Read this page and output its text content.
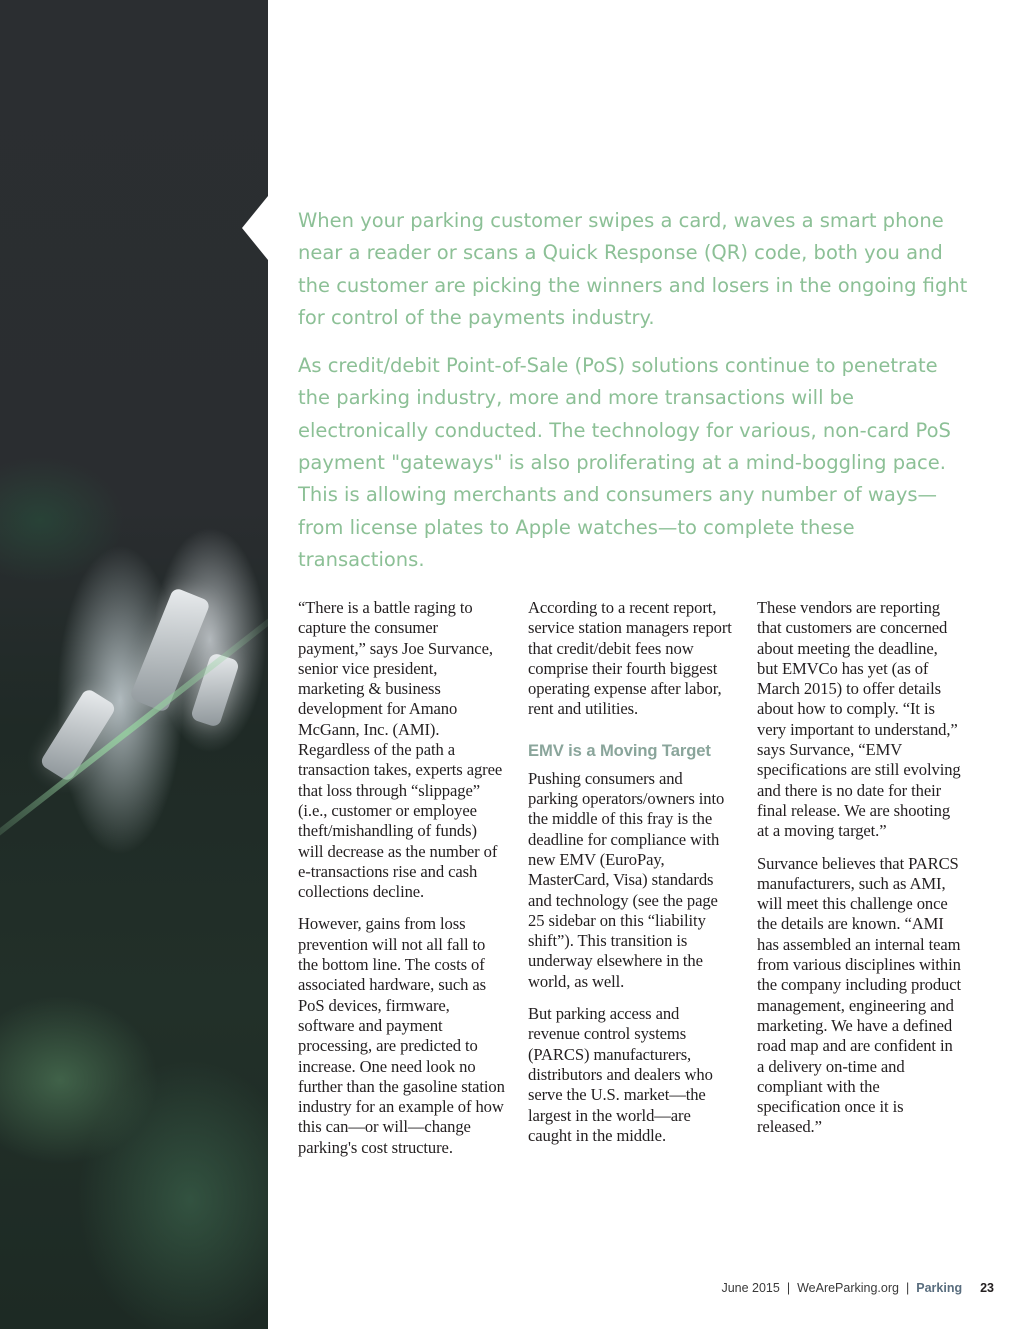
When your parking customer swipes a card, waves a smart phone near a reader or scans a Quick Response (QR) code, both you and the customer are picking the winners and losers in the ongoing fight for control of the payments industry.

As credit/debit Point-of-Sale (PoS) solutions continue to penetrate the parking industry, more and more transactions will be electronically conducted. The technology for various, non-card PoS payment "gateways" is also proliferating at a mind-boggling pace. This is allowing merchants and consumers any number of ways—from license plates to Apple watches—to complete these transactions.

“There is a battle raging to capture the consumer payment,” says Joe Survance, senior vice president, marketing & business development for Amano McGann, Inc. (AMI). Regardless of the path a transaction takes, experts agree that loss through “slippage” (i.e., customer or employee theft/mishandling of funds) will decrease as the number of e-transactions rise and cash collections decline.

However, gains from loss prevention will not all fall to the bottom line. The costs of associated hardware, such as PoS devices, firmware, software and payment processing, are predicted to increase. One need look no further than the gasoline station industry for an example of how this can—or will—change parking's cost structure.

According to a recent report, service station managers report that credit/debit fees now comprise their fourth biggest operating expense after labor, rent and utilities.

EMV is a Moving Target

Pushing consumers and parking operators/owners into the middle of this fray is the deadline for compliance with new EMV (EuroPay, MasterCard, Visa) standards and technology (see the page 25 sidebar on this “liability shift”). This transition is underway elsewhere in the world, as well.

But parking access and revenue control systems (PARCS) manufacturers, distributors and dealers who serve the U.S. market—the largest in the world—are caught in the middle.

These vendors are reporting that customers are concerned about meeting the deadline, but EMVCo has yet (as of March 2015) to offer details about how to comply. “It is very important to understand,” says Survance, “EMV specifications are still evolving and there is no date for their final release. We are shooting at a moving target.”

Survance believes that PARCS manufacturers, such as AMI, will meet this challenge once the details are known. “AMI has assembled an internal team from various disciplines within the company including product management, engineering and marketing. We have a defined road map and are confident in a delivery on-time and compliant with the specification once it is released.”

June 2015 | WeAreParking.org | Parking 23
